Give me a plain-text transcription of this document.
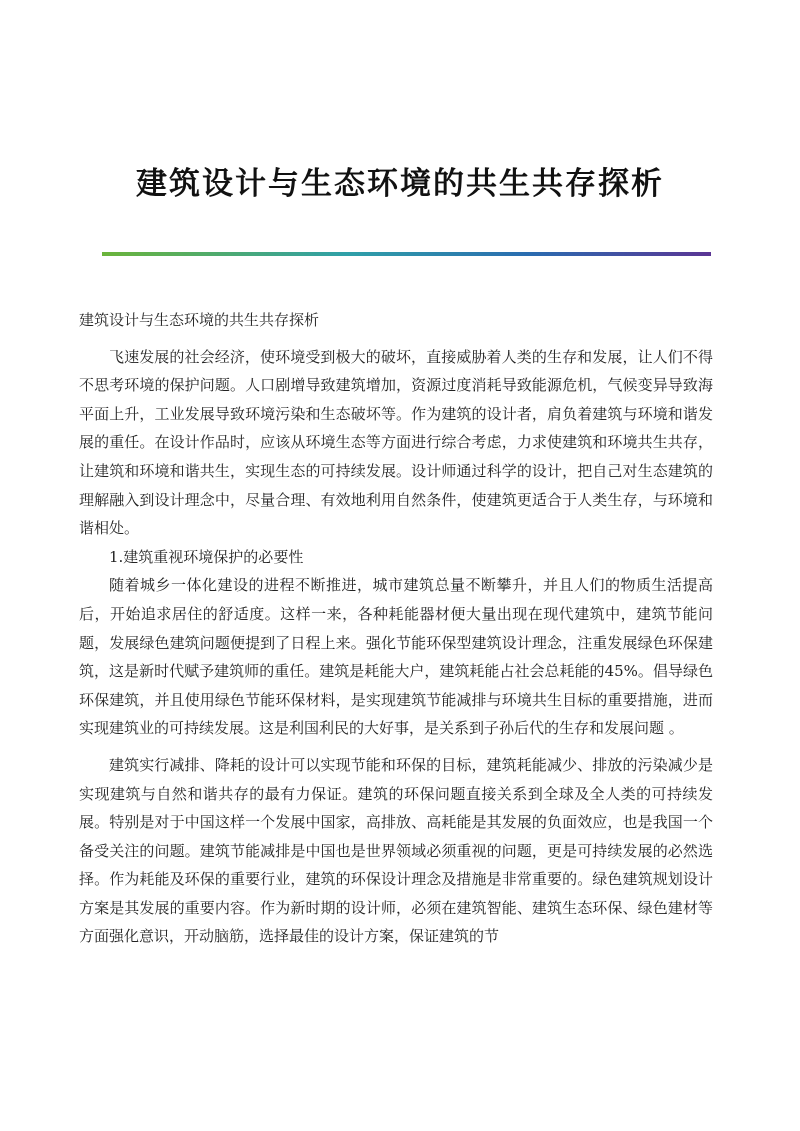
建筑设计与生态环境的共生共存探析

建筑设计与生态环境的共生共存探析

飞速发展的社会经济，使环境受到极大的破坏，直接威胁着人类的生存和发展，让人们不得不思考环境的保护问题。人口剧增导致建筑增加，资源过度消耗导致能源危机，气候变异导致海平面上升，工业发展导致环境污染和生态破坏等。作为建筑的设计者，肩负着建筑与环境和谐发展的重任。在设计作品时，应该从环境生态等方面进行综合考虑，力求使建筑和环境共生共存，让建筑和环境和谐共生，实现生态的可持续发展。设计师通过科学的设计，把自己对生态建筑的理解融入到设计理念中，尽量合理、有效地利用自然条件，使建筑更适合于人类生存，与环境和谐相处。

1.建筑重视环境保护的必要性

随着城乡一体化建设的进程不断推进，城市建筑总量不断攀升，并且人们的物质生活提高后，开始追求居住的舒适度。这样一来，各种耗能器材便大量出现在现代建筑中，建筑节能问题，发展绿色建筑问题便提到了日程上来。强化节能环保型建筑设计理念，注重发展绿色环保建筑，这是新时代赋予建筑师的重任。建筑是耗能大户，建筑耗能占社会总耗能的45%。倡导绿色环保建筑，并且使用绿色节能环保材料，是实现建筑节能减排与环境共生目标的重要措施，进而实现建筑业的可持续发展。这是利国利民的大好事，是关系到子孙后代的生存和发展问题 。

建筑实行减排、降耗的设计可以实现节能和环保的目标，建筑耗能减少、排放的污染减少是实现建筑与自然和谐共存的最有力保证。建筑的环保问题直接关系到全球及全人类的可持续发展。特别是对于中国这样一个发展中国家，高排放、高耗能是其发展的负面效应，也是我国一个备受关注的问题。建筑节能减排是中国也是世界领域必须重视的问题，更是可持续发展的必然选择。作为耗能及环保的重要行业，建筑的环保设计理念及措施是非常重要的。绿色建筑规划设计方案是其发展的重要内容。作为新时期的设计师，必须在建筑智能、建筑生态环保、绿色建材等方面强化意识，开动脑筋，选择最佳的设计方案，保证建筑的节
